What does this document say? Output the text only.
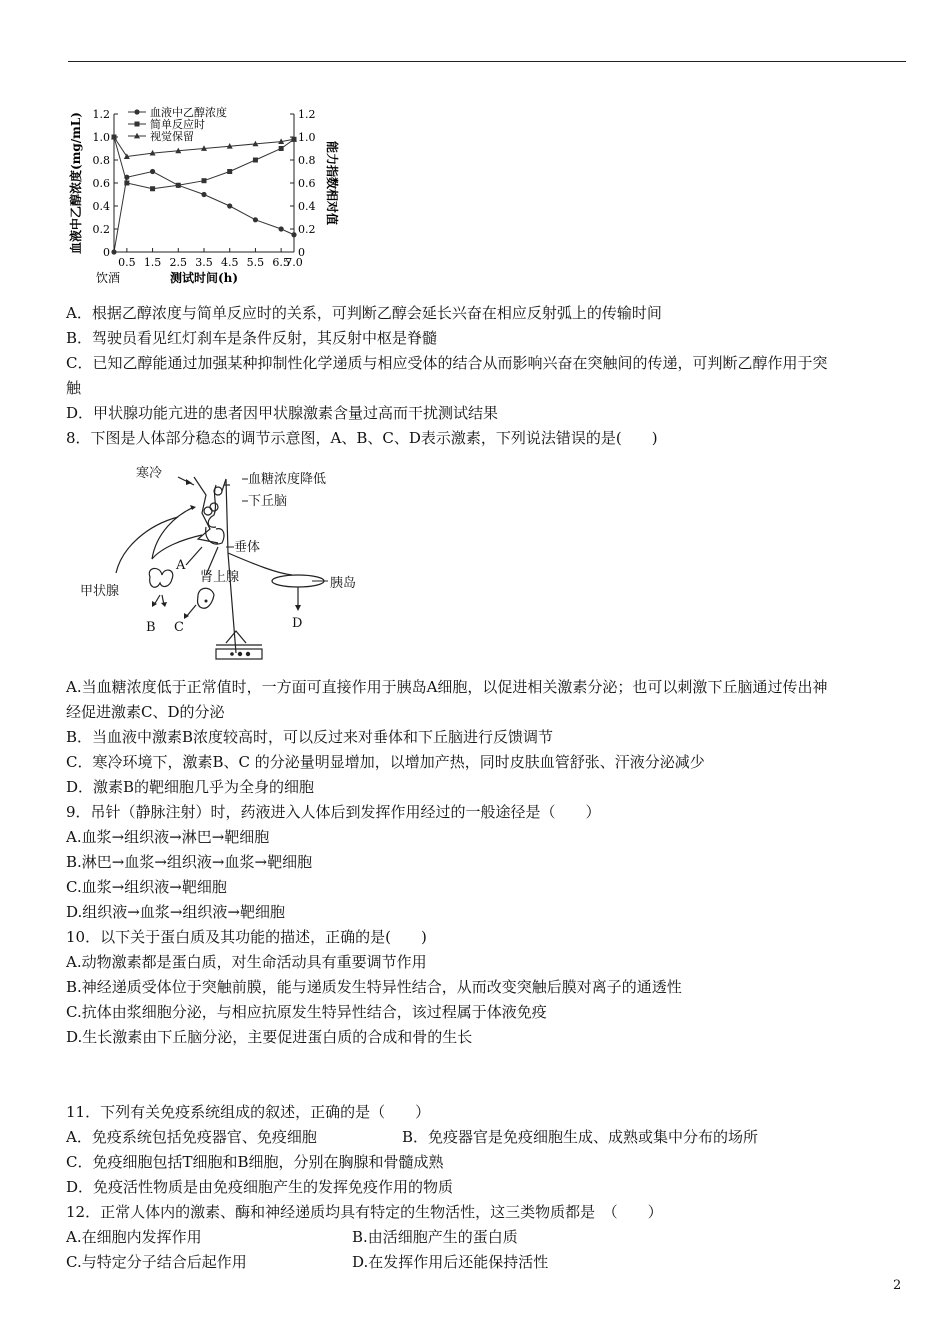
0	0
0.2	0.2
0.4	0.4
0.6	0.6
0.8	0.8
1.0	1.0
1.2	1.2
0.5 1.5 2.5 3.5 4.5 5.5 6.5
7.0
饮酒	测试时间(h)
血液中乙醇浓度(mg/mL)	能力指数相对值
血液中乙醇浓度
简单反应时
视觉保留
寒冷	血糖浓度降低
下丘脑
垂体
A
肾上腺
甲状腺
胰岛
B C	D
A．根据乙醇浓度与简单反应时的关系，可判断乙醇会延长兴奋在相应反射弧上的传输时间
B．驾驶员看见红灯刹车是条件反射，其反射中枢是脊髓
C．已知乙醇能通过加强某种抑制性化学递质与相应受体的结合从而影响兴奋在突触间的传递，可判断乙醇作用于突
触
D．甲状腺功能亢进的患者因甲状腺激素含量过高而干扰测试结果
8．下图是人体部分稳态的调节示意图，A、B、C、D表示激素，下列说法错误的是(　　)
A.当血糖浓度低于正常值时，一方面可直接作用于胰岛A细胞，以促进相关激素分泌；也可以刺激下丘脑通过传出神
经促进激素C、D的分泌
B．当血液中激素B浓度较高时，可以反过来对垂体和下丘脑进行反馈调节
C．寒冷环境下，激素B、C 的分泌量明显增加，以增加产热，同时皮肤血管舒张、汗液分泌减少
D．激素B的靶细胞几乎为全身的细胞
9．吊针（静脉注射）时，药液进入人体后到发挥作用经过的一般途径是（　　）
A.血浆→组织液→淋巴→靶细胞
B.淋巴→血浆→组织液→血浆→靶细胞
C.血浆→组织液→靶细胞
D.组织液→血浆→组织液→靶细胞
10．以下关于蛋白质及其功能的描述，正确的是(　　)
A.动物激素都是蛋白质，对生命活动具有重要调节作用
B.神经递质受体位于突触前膜，能与递质发生特异性结合，从而改变突触后膜对离子的通透性
C.抗体由浆细胞分泌，与相应抗原发生特异性结合，该过程属于体液免疫
D.生长激素由下丘脑分泌，主要促进蛋白质的合成和骨的生长
11．下列有关免疫系统组成的叙述，正确的是（　　）
A．免疫系统包括免疫器官、免疫细胞	B．免疫器官是免疫细胞生成、成熟或集中分布的场所
C．免疫细胞包括T细胞和B细胞，分别在胸腺和骨髓成熟
D．免疫活性物质是由免疫细胞产生的发挥免疫作用的物质
12．正常人体内的激素、酶和神经递质均具有特定的生物活性，这三类物质都是　（　　）
A.在细胞内发挥作用	B.由活细胞产生的蛋白质
C.与特定分子结合后起作用	D.在发挥作用后还能保持活性
2
